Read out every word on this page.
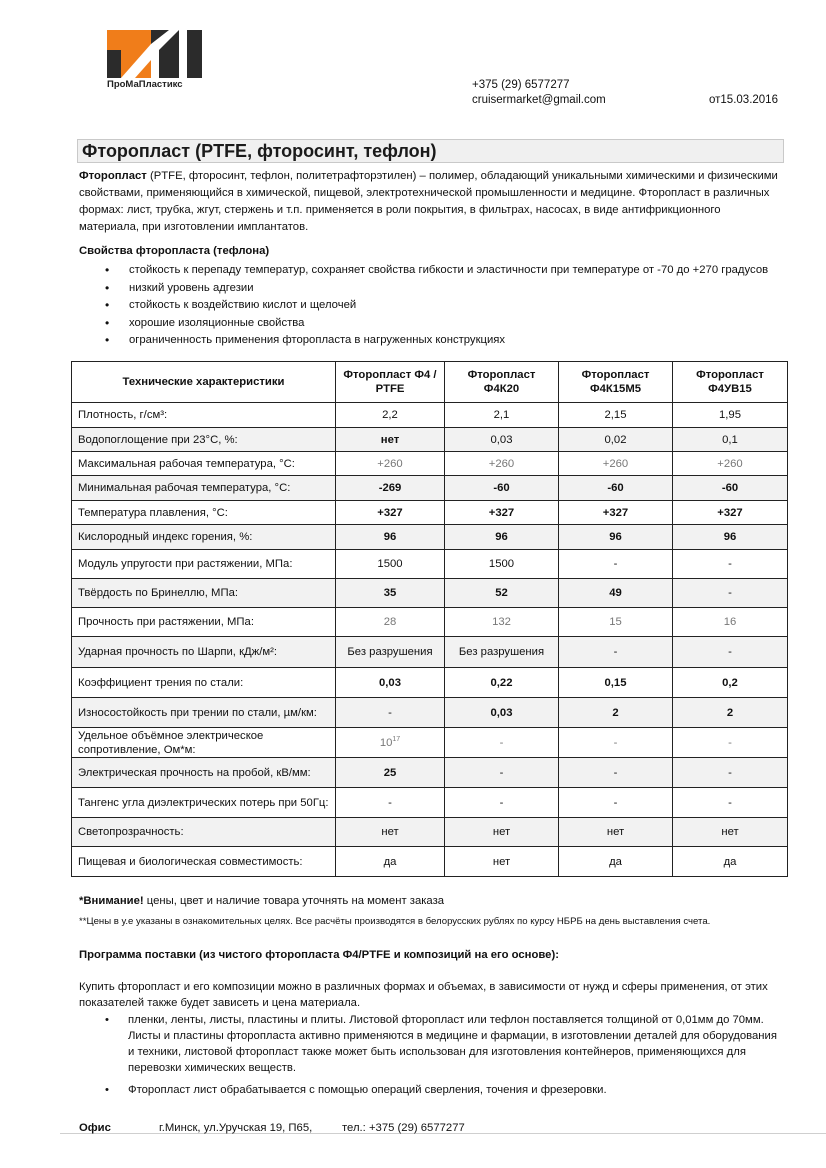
ПроМаПластикс	+375 (29) 6577277
cruisermarket@gmail.com	от15.03.2016
Фторопласт (PTFE, фторосинт, тефлон)
Фторопласт (PTFE, фторосинт, тефлон, политетрафторэтилен) – полимер, обладающий уникальными химическими и физическими свойствами, применяющийся в химической, пищевой, электротехнической промышленности и медицине. Фторопласт в различных формах: лист, трубка, жгут, стержень и т.п. применяется в роли покрытия, в фильтрах, насосах, в виде антифрикционного материала, при изготовлении имплантатов.
Свойства фторопласта (тефлона)
• стойкость к перепаду температур, сохраняет свойства гибкости и эластичности при температуре от -70 до +270 градусов
• низкий уровень адгезии
• стойкость к воздействию кислот и щелочей
• хорошие изоляционные свойства
• ограниченность применения фторопласта в нагруженных конструкциях
Технические характеристики	Фторопласт Ф4 / PTFE	Фторопласт Ф4К20	Фторопласт Ф4К15М5	Фторопласт Ф4УВ15
Плотность, г/см³:	2,2	2,1	2,15	1,95
Водопоглощение при 23°С, %:	нет	0,03	0,02	0,1
Максимальная рабочая температура, °С:	+260	+260	+260	+260
Минимальная рабочая температура, °С:	-269	-60	-60	-60
Температура плавления, °С:	+327	+327	+327	+327
Кислородный индекс горения, %:	96	96	96	96
Модуль упругости при растяжении, МПа:	1500	1500	-	-
Твёрдость по Бринеллю, МПа:	35	52	49	-
Прочность при растяжении, МПа:	28	132	15	16
Ударная прочность по Шарпи, кДж/м²:	Без разрушения	Без разрушения	-	-
Коэффициент трения по стали:	0,03	0,22	0,15	0,2
Износостойкость при трении по стали, µм/км:	-	0,03	2	2
Удельное объёмное электрическое сопротивление, Ом*м:	$10^{17}$	-	-	-
Электрическая прочность на пробой, кВ/мм:	25	-	-	-
Тангенс угла диэлектрических потерь при 50Гц:	-	-	-	-
Светопрозрачность:	нет	нет	нет	нет
Пищевая и биологическая совместимость:	да	нет	да	да
*Внимание! цены, цвет и наличие товара уточнять на момент заказа
**Цены в у.е указаны в ознакомительных целях. Все расчёты производятся в белорусских рублях по курсу НБРБ на день выставления счета.
Программа поставки (из чистого фторопласта Ф4/PTFE и композиций на его основе):
Купить фторопласт и его композиции можно в различных формах и объемах, в зависимости от нужд и сферы применения, от этих показателей также будет зависеть и цена материала.
• пленки, ленты, листы, пластины и плиты. Листовой фторопласт или тефлон поставляется толщиной от 0,01мм до 70мм. Листы и пластины фторопласта активно применяются в медицине и фармации, в изготовлении деталей для оборудования и техники, листовой фторопласт также может быть использован для изготовления контейнеров, применяющихся для перевозки химических веществ.
• Фторопласт лист обрабатывается с помощью операций сверления, точения и фрезеровки.
Офис	г.Минск, ул.Уручская 19, П65,	тел.: +375 (29) 6577277
